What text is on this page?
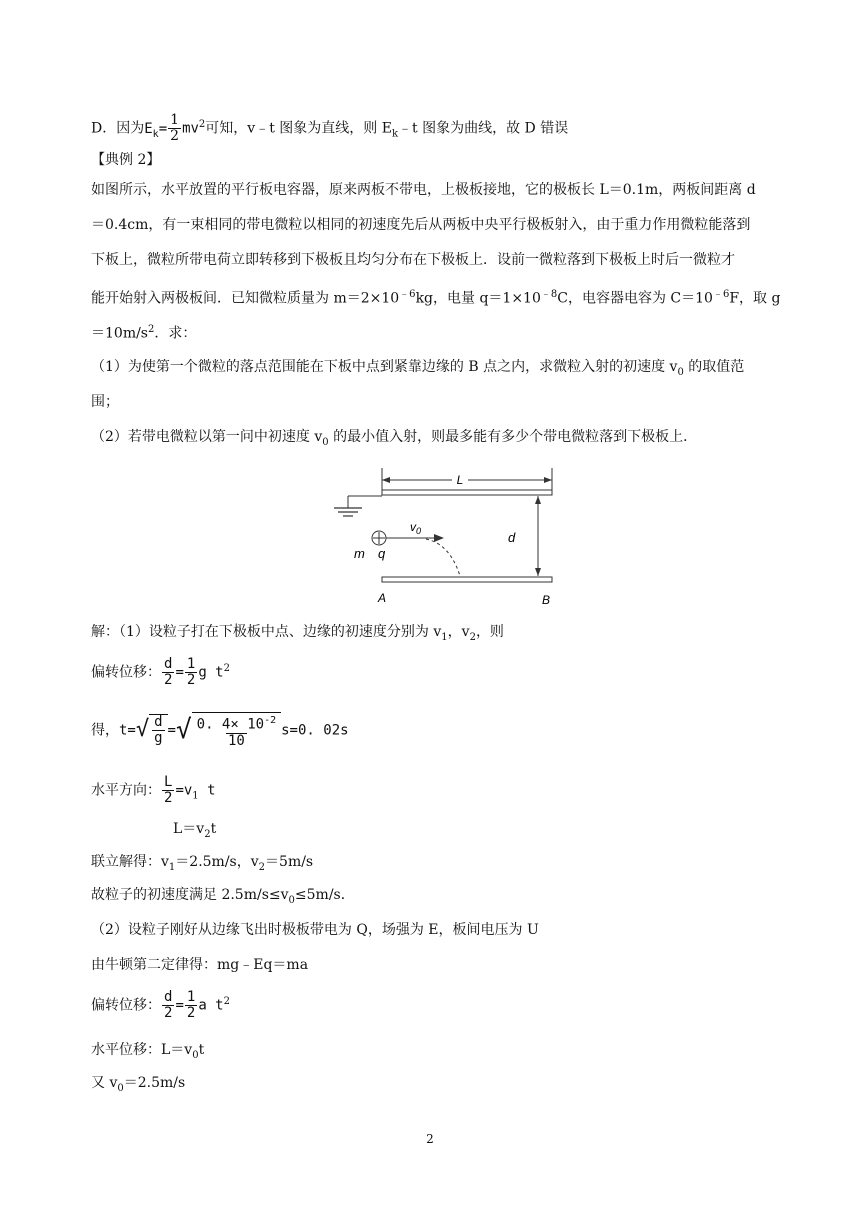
D．因为$E_k= \frac{1}{2} mv^2$可知，v﹣t 图象为直线，则 $E_k﹣t$ 图象为曲线，故 D 错误
【典例 2】
如图所示，水平放置的平行板电容器，原来两板不带电，上极板接地，它的极板长 L＝0.1m，两板间距离 d
＝0.4cm，有一束相同的带电微粒以相同的初速度先后从两板中央平行极板射入，由于重力作用微粒能落到
下板上，微粒所带电荷立即转移到下极板且均匀分布在下极板上．设前一微粒落到下极板上时后一微粒才
能开始射入两极板间．已知微粒质量为 $m=2\times 10^{﹣6}kg$，电量 $q=1\times 10^{﹣8}C$，电容器电容为 $C=10^{﹣6}F$，取 g
$=10m/s^2$．求：
（1）为使第一个微粒的落点范围能在下板中点到紧靠边缘的 B 点之内，求微粒入射的初速度 $v_0$ 的取值范
围；
（2）若带电微粒以第一问中初速度 $v_0$ 的最小值入射，则最多能有多少个带电微粒落到下极板上．
L
d
$v_0$
m q
A	B
解：（1）设粒子打在下极板中点、边缘的初速度分别为 $v_1$，$v_2$，则
偏转位移： $\frac{d}{2} = \frac{1}{2}$ g $t^2$
得，t= √ $\frac{d}{g}$ = √ $\frac{0. 4\times 10^{-2}}{10} s=0$. 02s
水平方向： $\frac{L}{2} =v_1$ t
$L=v_2t$
联立解得：$v_1=2.5m/s$，$v_2=5m/s$
故粒子的初速度满足 $2.5m/s\le v_0\le 5m/s$．
（2）设粒子刚好从边缘飞出时极板带电为 Q，场强为 E，板间电压为 U
由牛顿第二定律得：mg﹣Eq＝ma
偏转位移： $\frac{d}{2} = \frac{1}{2}$ a $t^2$
水平位移：$L=v_0t$
又 $v_0=2.5m/s$
2
